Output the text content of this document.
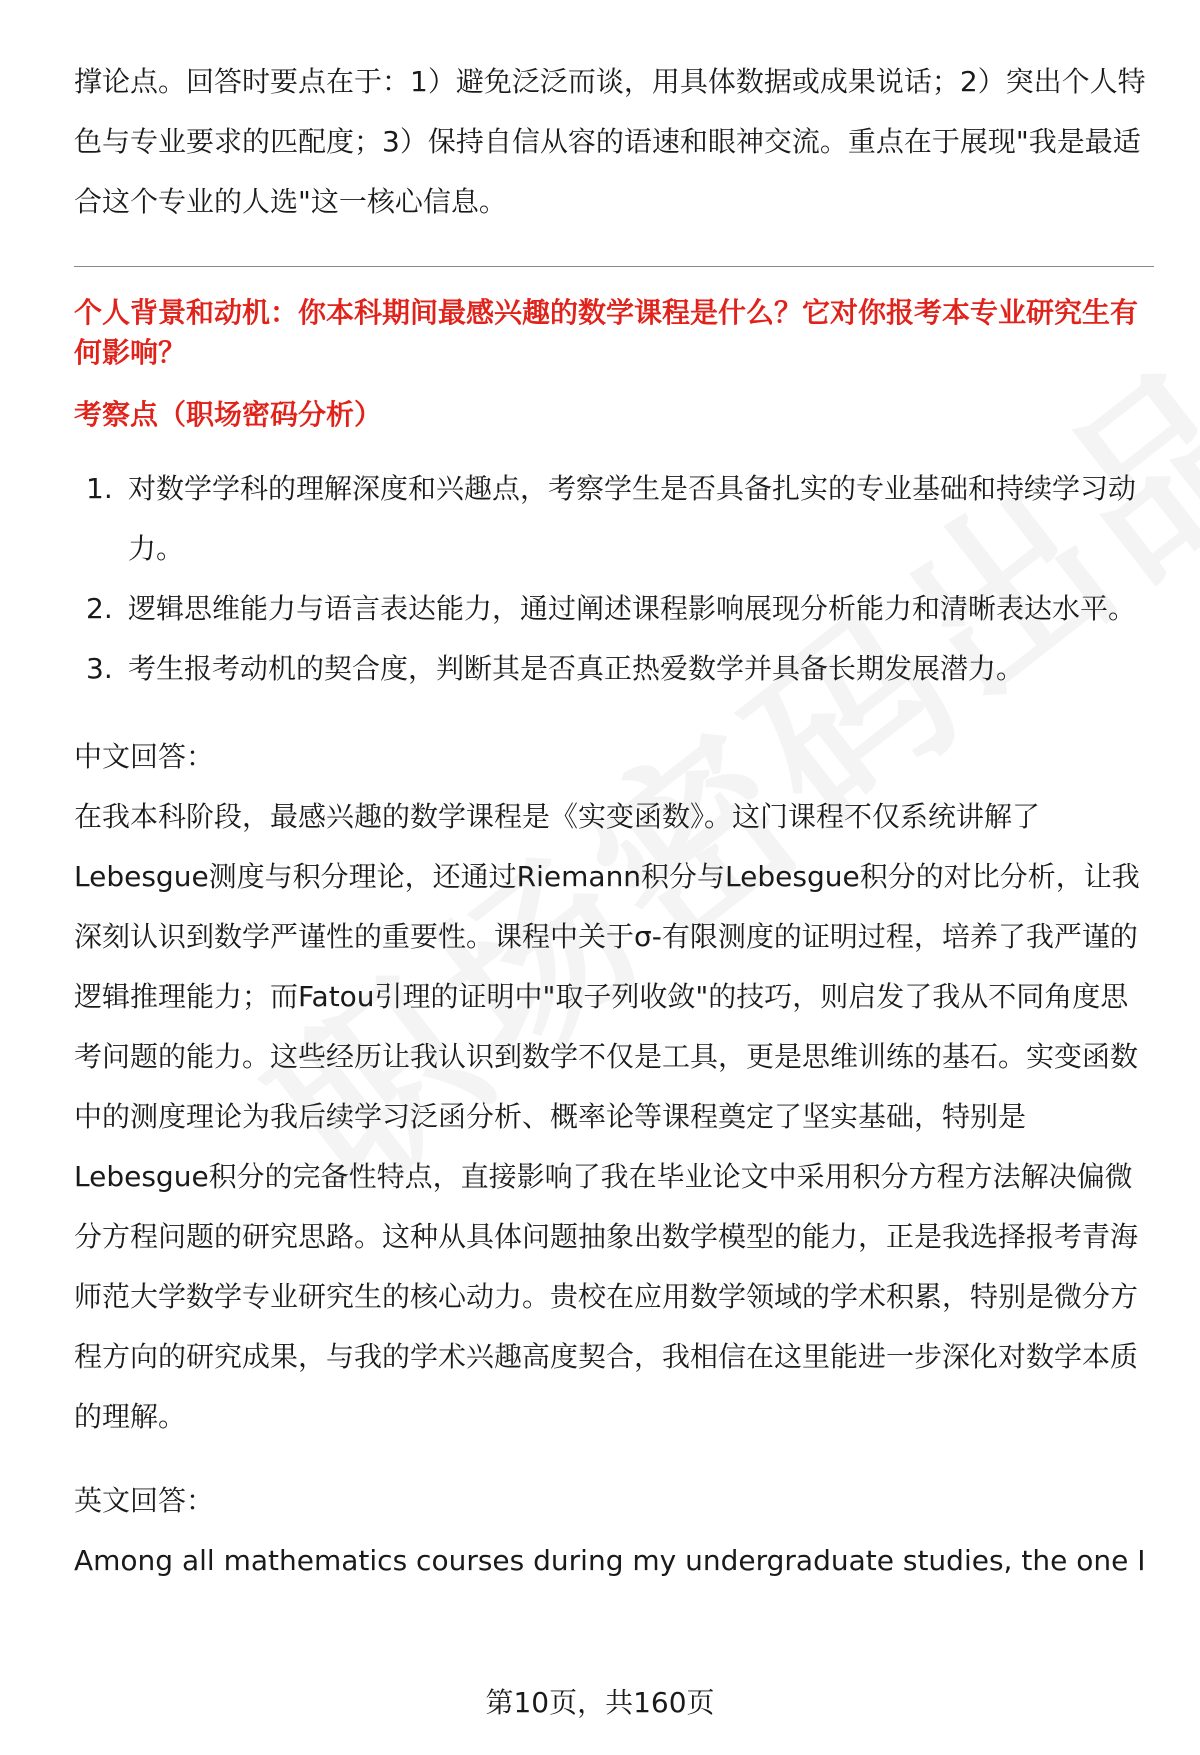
撑论点。回答时要点在于：1）避免泛泛而谈，用具体数据或成果说话；2）突出个人特色与专业要求的匹配度；3）保持自信从容的语速和眼神交流。重点在于展现"我是最适合这个专业的人选"这一核心信息。

个人背景和动机：你本科期间最感兴趣的数学课程是什么？它对你报考本专业研究生有何影响？

考察点（职场密码分析）

1. 对数学学科的理解深度和兴趣点，考察学生是否具备扎实的专业基础和持续学习动力。
2. 逻辑思维能力与语言表达能力，通过阐述课程影响展现分析能力和清晰表达水平。
3. 考生报考动机的契合度，判断其是否真正热爱数学并具备长期发展潜力。

中文回答：

在我本科阶段，最感兴趣的数学课程是《实变函数》。这门课程不仅系统讲解了Lebesgue测度与积分理论，还通过Riemann积分与Lebesgue积分的对比分析，让我深刻认识到数学严谨性的重要性。课程中关于σ-有限测度的证明过程，培养了我严谨的逻辑推理能力；而Fatou引理的证明中"取子列收敛"的技巧，则启发了我从不同角度思考问题的能力。这些经历让我认识到数学不仅是工具，更是思维训练的基石。实变函数中的测度理论为我后续学习泛函分析、概率论等课程奠定了坚实基础，特别是Lebesgue积分的完备性特点，直接影响了我在毕业论文中采用积分方程方法解决偏微分方程问题的研究思路。这种从具体问题抽象出数学模型的能力，正是我选择报考青海师范大学数学专业研究生的核心动力。贵校在应用数学领域的学术积累，特别是微分方程方向的研究成果，与我的学术兴趣高度契合，我相信在这里能进一步深化对数学本质的理解。

英文回答：

Among all mathematics courses during my undergraduate studies, the one I

第10页，共160页
